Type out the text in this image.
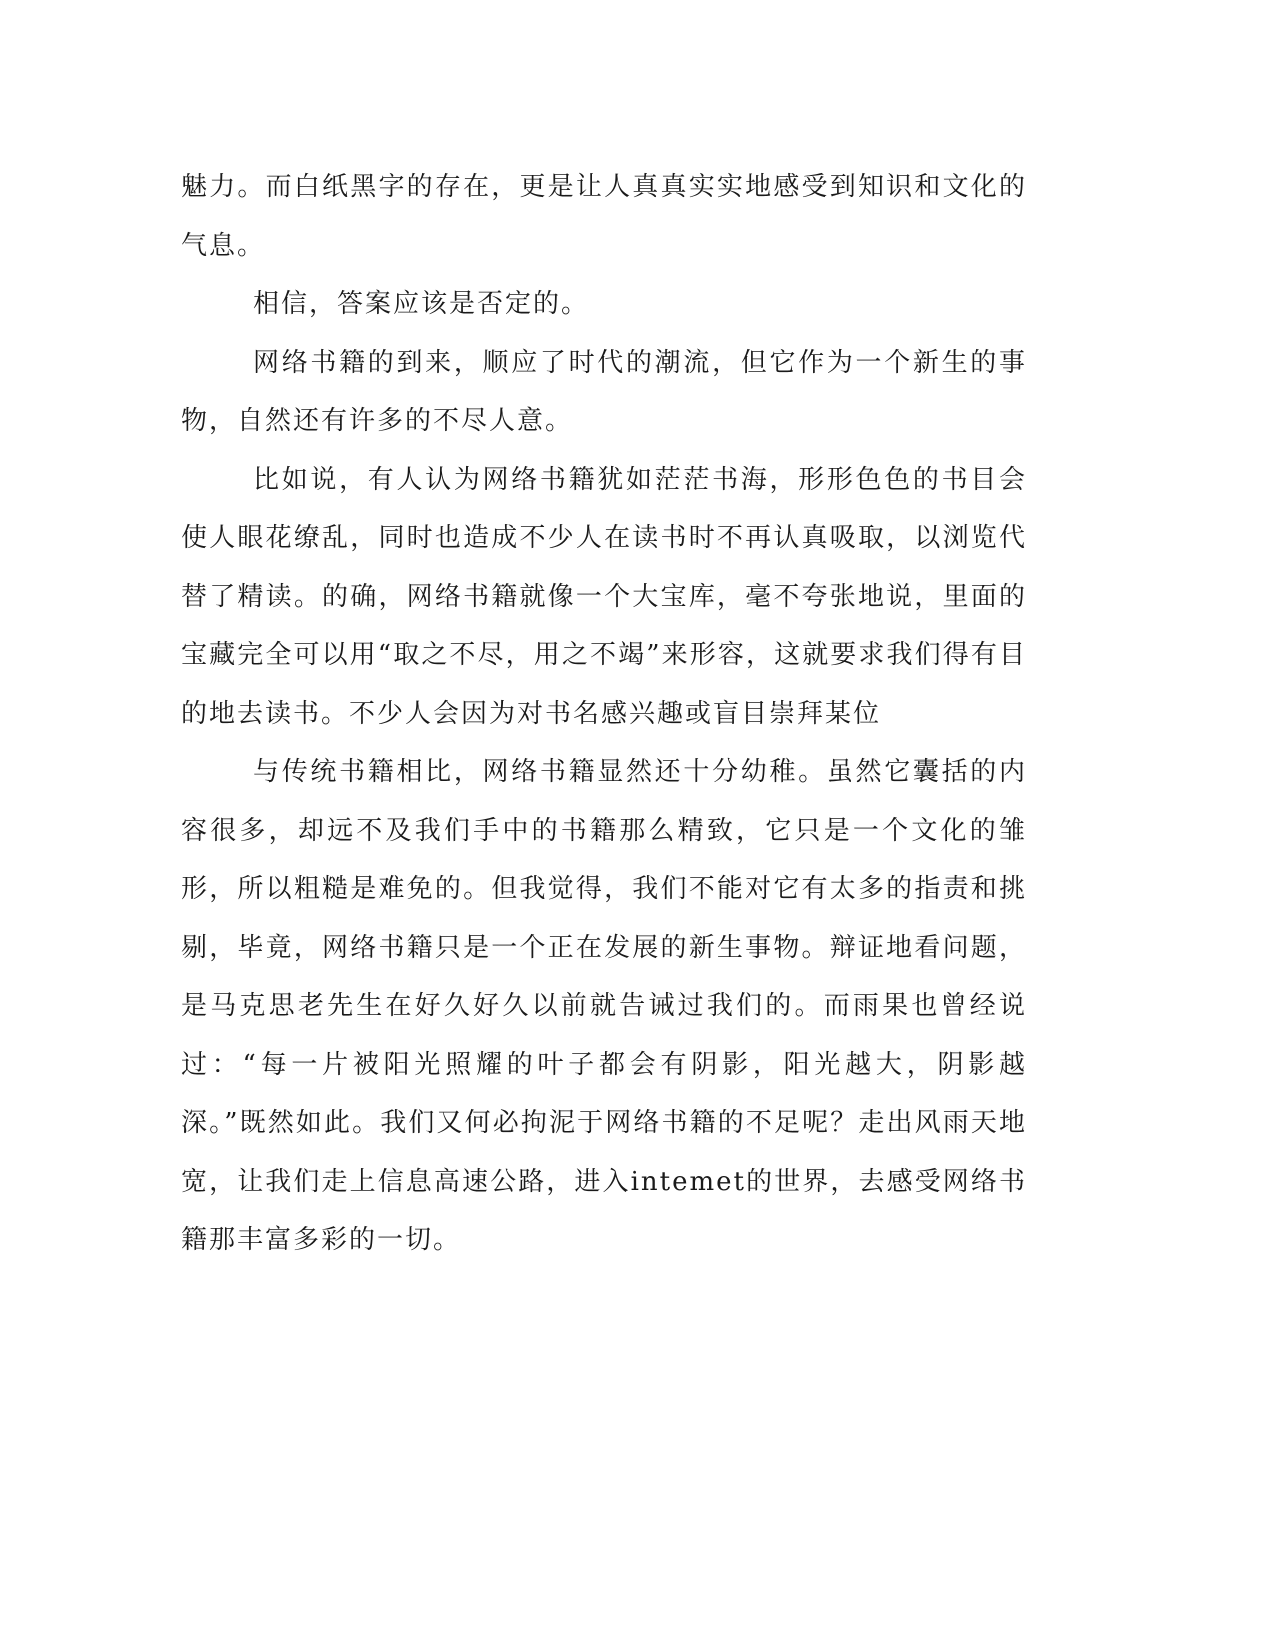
魅力。而白纸黑字的存在，更是让人真真实实地感受到知识和文化的气息。

相信，答案应该是否定的。

网络书籍的到来，顺应了时代的潮流，但它作为一个新生的事物，自然还有许多的不尽人意。

比如说，有人认为网络书籍犹如茫茫书海，形形色色的书目会使人眼花缭乱，同时也造成不少人在读书时不再认真吸取，以浏览代替了精读。的确，网络书籍就像一个大宝库，毫不夸张地说，里面的宝藏完全可以用“取之不尽，用之不竭”来形容，这就要求我们得有目的地去读书。不少人会因为对书名感兴趣或盲目崇拜某位

与传统书籍相比，网络书籍显然还十分幼稚。虽然它囊括的内容很多，却远不及我们手中的书籍那么精致，它只是一个文化的雏形，所以粗糙是难免的。但我觉得，我们不能对它有太多的指责和挑剔，毕竟，网络书籍只是一个正在发展的新生事物。辩证地看问题，是马克思老先生在好久好久以前就告诫过我们的。而雨果也曾经说过：“每一片被阳光照耀的叶子都会有阴影，阳光越大，阴影越深。”既然如此。我们又何必拘泥于网络书籍的不足呢？走出风雨天地宽，让我们走上信息高速公路，进入intemet的世界，去感受网络书籍那丰富多彩的一切。
